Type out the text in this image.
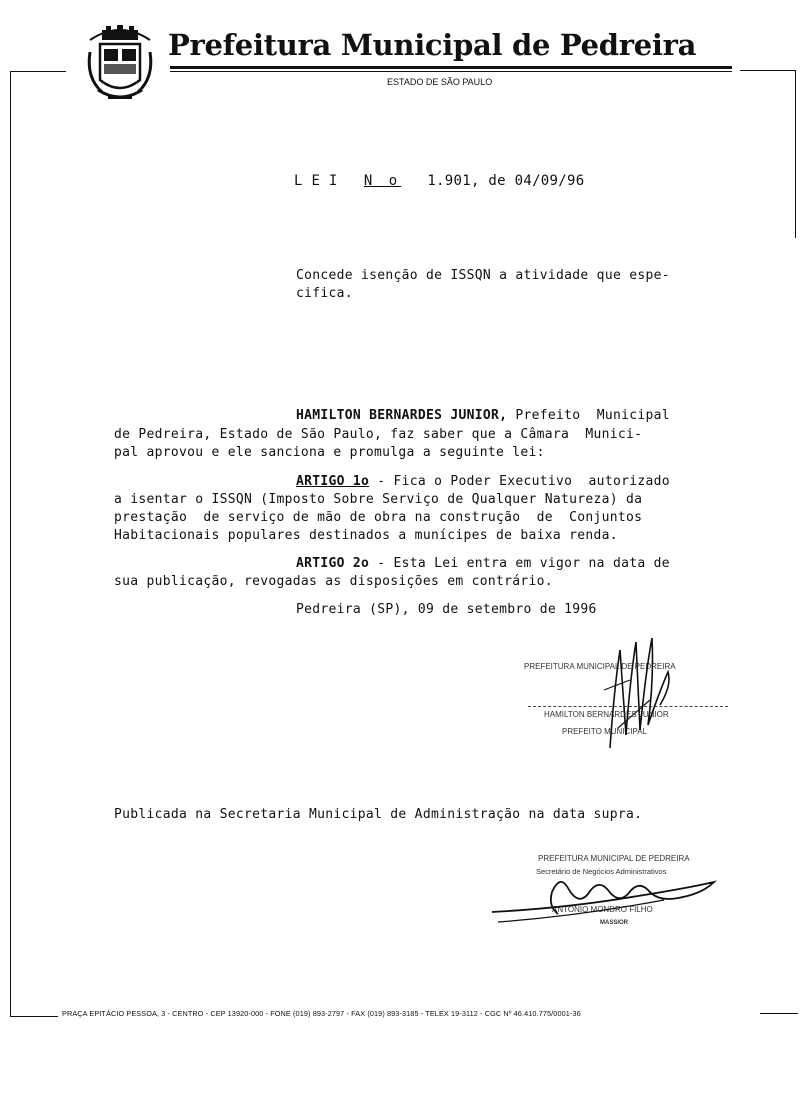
Prefeitura Municipal de Pedreira
ESTADO DE SÃO PAULO

L E I N o 1.901, de 04/09/96
Concede isenção de ISSQN a atividade que espe-
cifica.
HAMILTON BERNARDES JUNIOR, Prefeito  Municipal
de Pedreira, Estado de São Paulo, faz saber que a Câmara  Munici-
pal aprovou e ele sanciona e promulga a seguinte lei:
ARTIGO 1o - Fica o Poder Executivo  autorizado
a isentar o ISSQN (Imposto Sobre Serviço de Qualquer Natureza) da
prestação  de serviço de mão de obra na construção  de  Conjuntos
Habitacionais populares destinados a munícipes de baixa renda.
ARTIGO 2o - Esta Lei entra em vigor na data de
sua publicação, revogadas as disposições em contrário.
Pedreira (SP), 09 de setembro de 1996
PREFEITURA MUNICIPAL DE PEDREIRA
HAMILTON BERNARDES JUNIOR
PREFEITO MUNICIPAL
Publicada na Secretaria Municipal de Administração na data supra.
PREFEITURA MUNICIPAL DE PEDREIRA
Secretário de Negócios Administrativos
ANTONIO MONDRO FILHO
MASSIOR
PRAÇA EPITÁCIO PESSOA, 3 - CENTRO - CEP 13920-000 - FONE (019) 893-2797 - FAX (019) 893-3185 - TELEX 19-3112 - CGC Nº 46.410.775/0001-36
